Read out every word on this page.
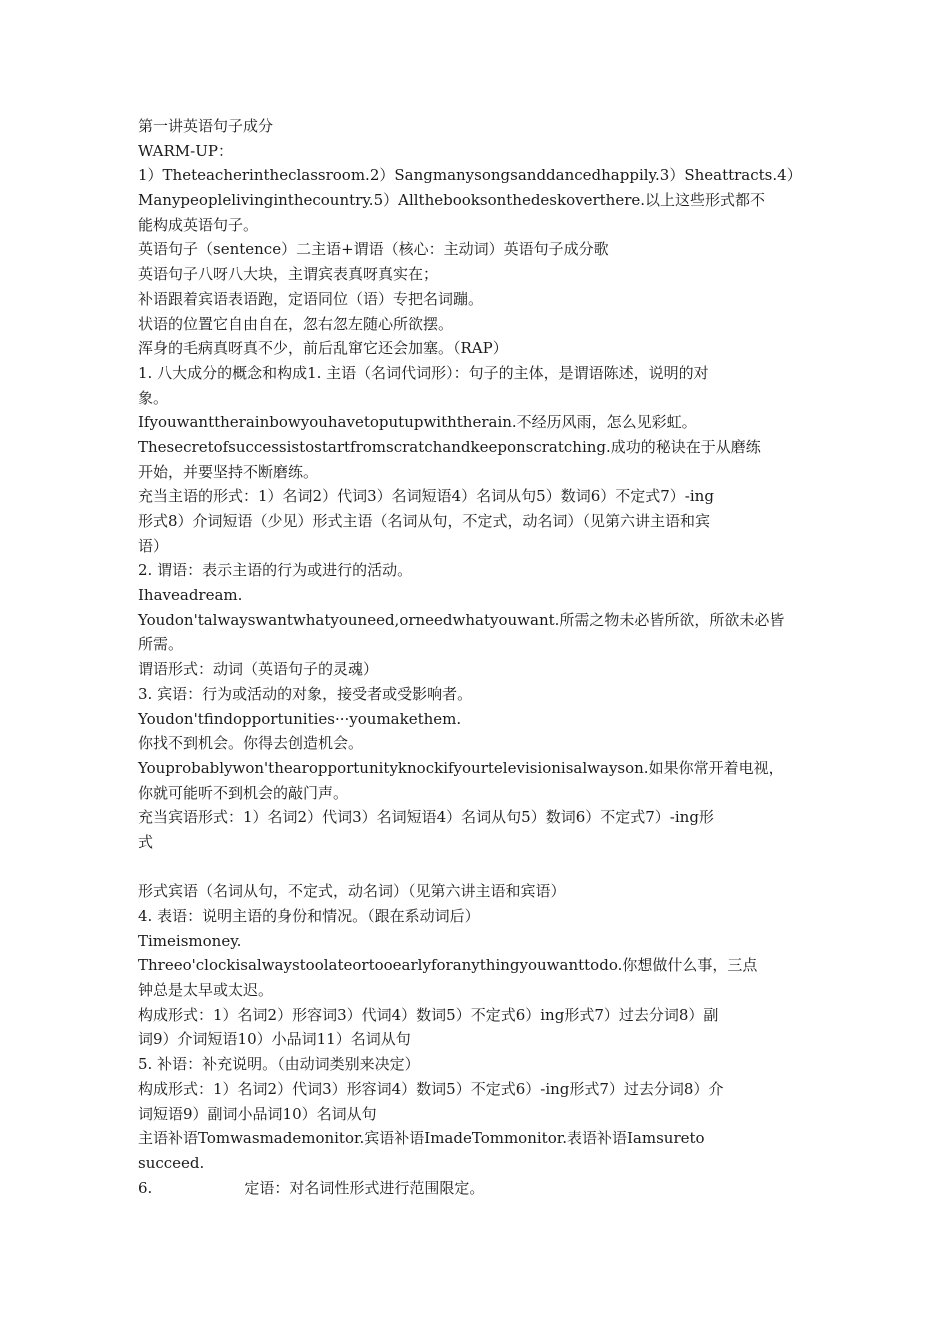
第一讲英语句子成分
WARM-UP：
1）Theteacherintheclassroom.2）Sangmanysongsanddancedhappily.3）Sheattracts.4）
Manypeoplelivinginthecountry.5）Allthebooksonthedeskoverthere.以上这些形式都不
能构成英语句子。
英语句子（sentence）二主语+谓语（核心：主动词）英语句子成分歌
英语句子八呀八大块，主谓宾表真呀真实在；
补语跟着宾语表语跑，定语同位（语）专把名词蹦。
状语的位置它自由自在，忽右忽左随心所欲摆。
浑身的毛病真呀真不少，前后乱窜它还会加塞。（RAP）
1. 八大成分的概念和构成1. 主语（名词代词形）：句子的主体，是谓语陈述，说明的对
象。
Ifyouwanttherainbowyouhavetoputupwiththerain.不经历风雨，怎么见彩虹。
Thesecretofsuccessistostartfromscratchandkeeponscratching.成功的秘诀在于从磨练
开始，并要坚持不断磨练。
充当主语的形式：1）名词2）代词3）名词短语4）名词从句5）数词6）不定式7）-ing
形式8）介词短语（少见）形式主语（名词从句，不定式，动名词）（见第六讲主语和宾
语）
2. 谓语：表示主语的行为或进行的活动。
Ihaveadream.
Youdon'talwayswantwhatyouneed,orneedwhatyouwant.所需之物未必皆所欲，所欲未必皆
所需。
谓语形式：动词（英语句子的灵魂）
3. 宾语：行为或活动的对象，接受者或受影响者。
Youdon'tfindopportunities···youmakethem.
你找不到机会。你得去创造机会。
Youprobablywon'thearopportunityknockifyourtelevisionisalwayson.如果你常开着电视，
你就可能听不到机会的敲门声。
充当宾语形式：1）名词2）代词3）名词短语4）名词从句5）数词6）不定式7）-ing形
式
形式宾语（名词从句，不定式，动名词）（见第六讲主语和宾语）
4. 表语：说明主语的身份和情况。（跟在系动词后）
Timeismoney.
Threeo'clockisalwaystoolateortooearlyforanythingyouwanttodo.你想做什么事，三点
钟总是太早或太迟。
构成形式：1）名词2）形容词3）代词4）数词5）不定式6）ing形式7）过去分词8）副
词9）介词短语10）小品词11）名词从句
5. 补语：补充说明。（由动词类别来决定）
构成形式：1）名词2）代词3）形容词4）数词5）不定式6）-ing形式7）过去分词8）介
词短语9）副词小品词10）名词从句
主语补语Tomwasmademonitor.宾语补语ImadeTommonitor.表语补语Iamsureto
succeed.
6.	定语：对名词性形式进行范围限定。
